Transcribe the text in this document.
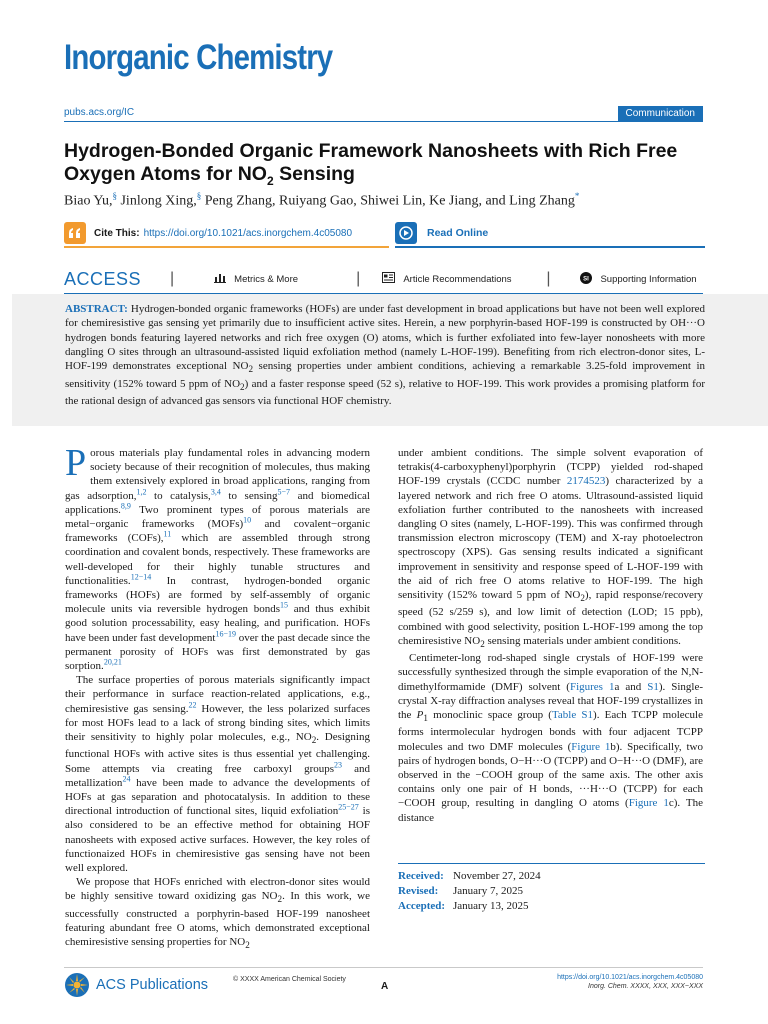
Inorganic Chemistry
pubs.acs.org/IC	Communication
Hydrogen-Bonded Organic Framework Nanosheets with Rich Free Oxygen Atoms for $NO_2$ Sensing
Biao Yu,§ Jinlong Xing,§ Peng Zhang, Ruiyang Gao, Shiwei Lin, Ke Jiang, and Ling Zhang*
Cite This: https://doi.org/10.1021/acs.inorgchem.4c05080	Read Online
ACCESS	|	Metrics & More	|	Article Recommendations |	SI Supporting Information

ABSTRACT: Hydrogen-bonded organic frameworks (HOFs) are under fast development in broad applications but have not been well explored for chemiresistive gas sensing yet primarily due to insufficient active sites. Herein, a new porphyrin-based HOF-199 is constructed by OH···O hydrogen bonds featuring layered networks and rich free oxygen (O) atoms, which is further exfoliated into few-layer nonosheets with more dangling O sites through an ultrasound-assisted liquid exfoliation method (namely L-HOF-199). Benefiting from rich electron-donor sites, L-HOF-199 demonstrates exceptional $NO_2$ sensing properties under ambient conditions, achieving a remarkable 3.25-fold improvement in sensitivity (152% toward 5 ppm of $NO_2$) and a faster response speed (52 s), relative to HOF-199. This work provides a promising platform for the rational design of advanced gas sensors via functional HOF chemistry.

Porous materials play fundamental roles in advancing modern society because of their recognition of molecules, thus making them extensively explored in broad applications, ranging from gas adsorption,$^{1,2}$ to catalysis,$^{3,4}$ to sensing$^{5-7}$ and biomedical applications.$^{8,9}$ Two prominent types of porous materials are metal−organic frameworks (MOFs)$^{10}$ and covalent−organic frameworks (COFs),$^{11}$ which are assembled through strong coordination and covalent bonds, respectively. These frameworks are well-developed for their highly tunable structures and functionalities.$^{12-14}$ In contrast, hydrogen-bonded organic frameworks (HOFs) are formed by self-assembly of organic molecule units via reversible hydrogen bonds$^{15}$ and thus exhibit good solution processability, easy healing, and purification. HOFs have been under fast development$^{16-19}$ over the past decade since the permanent porosity of HOFs was first demonstrated by gas sorption.$^{20,21}$

The surface properties of porous materials significantly impact their performance in surface reaction-related applications, e.g., chemiresistive gas sensing.$^{22}$ However, the less polarized surfaces for most HOFs lead to a lack of strong binding sites, which limits their sensitivity to highly polar molecules, e.g., $NO_2$. Designing functional HOFs with active sites is thus essential yet challenging. Some attempts via creating free carboxyl groups$^{23}$ and metallization$^{24}$ have been made to advance the developments of HOFs at gas separation and photocatalysis. In addition to these directional introduction of functional sites, liquid exfoliation$^{25-27}$ is also considered to be an effective method for obtaining HOF nanosheets with exposed active surfaces. However, the key roles of functionaized HOFs in chemiresistive gas sensing have not been well explored.

We propose that HOFs enriched with electron-donor sites would be highly sensitive toward oxidizing gas $NO_2$. In this work, we successfully constructed a porphyrin-based HOF-199 nanosheet featuring abundant free O atoms, which demonstrated exceptional chemiresistive sensing properties for $NO_2$

under ambient conditions. The simple solvent evaporation of tetrakis(4-carboxyphenyl)porphyrin (TCPP) yielded rod-shaped HOF-199 crystals (CCDC number 2174523) characterized by a layered network and rich free O atoms. Ultrasound-assisted liquid exfoliation further contributed to the nanosheets with increased dangling O sites (namely, L-HOF-199). This was confirmed through transmission electron microscopy (TEM) and X-ray photoelectron spectroscopy (XPS). Gas sensing results indicated a significant improvement in sensitivity and response speed of L-HOF-199 with the aid of rich free O atoms relative to HOF-199. The high sensitivity (152% toward 5 ppm of $NO_2$), rapid response/recovery speed (52 s/259 s), and low limit of detection (LOD; 15 ppb), combined with good selectivity, position L-HOF-199 among the top chemiresistive $NO_2$ sensing materials under ambient conditions.

Centimeter-long rod-shaped single crystals of HOF-199 were successfully synthesized through the simple evaporation of the N,N-dimethylformamide (DMF) solvent (Figures 1a and S1). Single-crystal X-ray diffraction analyses reveal that HOF-199 crystallizes in the $P_1$ monoclinic space group (Table S1). Each TCPP molecule forms intermolecular hydrogen bonds with four adjacent TCPP molecules and two DMF molecules (Figure 1b). Specifically, two pairs of hydrogen bonds, O−H···O (TCPP) and O−H···O (DMF), are observed in the −COOH group of the same axis. The other axis contains only one pair of H bonds, ···H···O (TCPP) for each −COOH group, resulting in dangling O atoms (Figure 1c). The distance

Received: November 27, 2024
Revised:	January 7, 2025
Accepted: January 13, 2025
ACS Publications	© XXXX American Chemical Society
A
https://doi.org/10.1021/acs.inorgchem.4c05080
Inorg. Chem. XXXX, XXX, XXX−XXX
